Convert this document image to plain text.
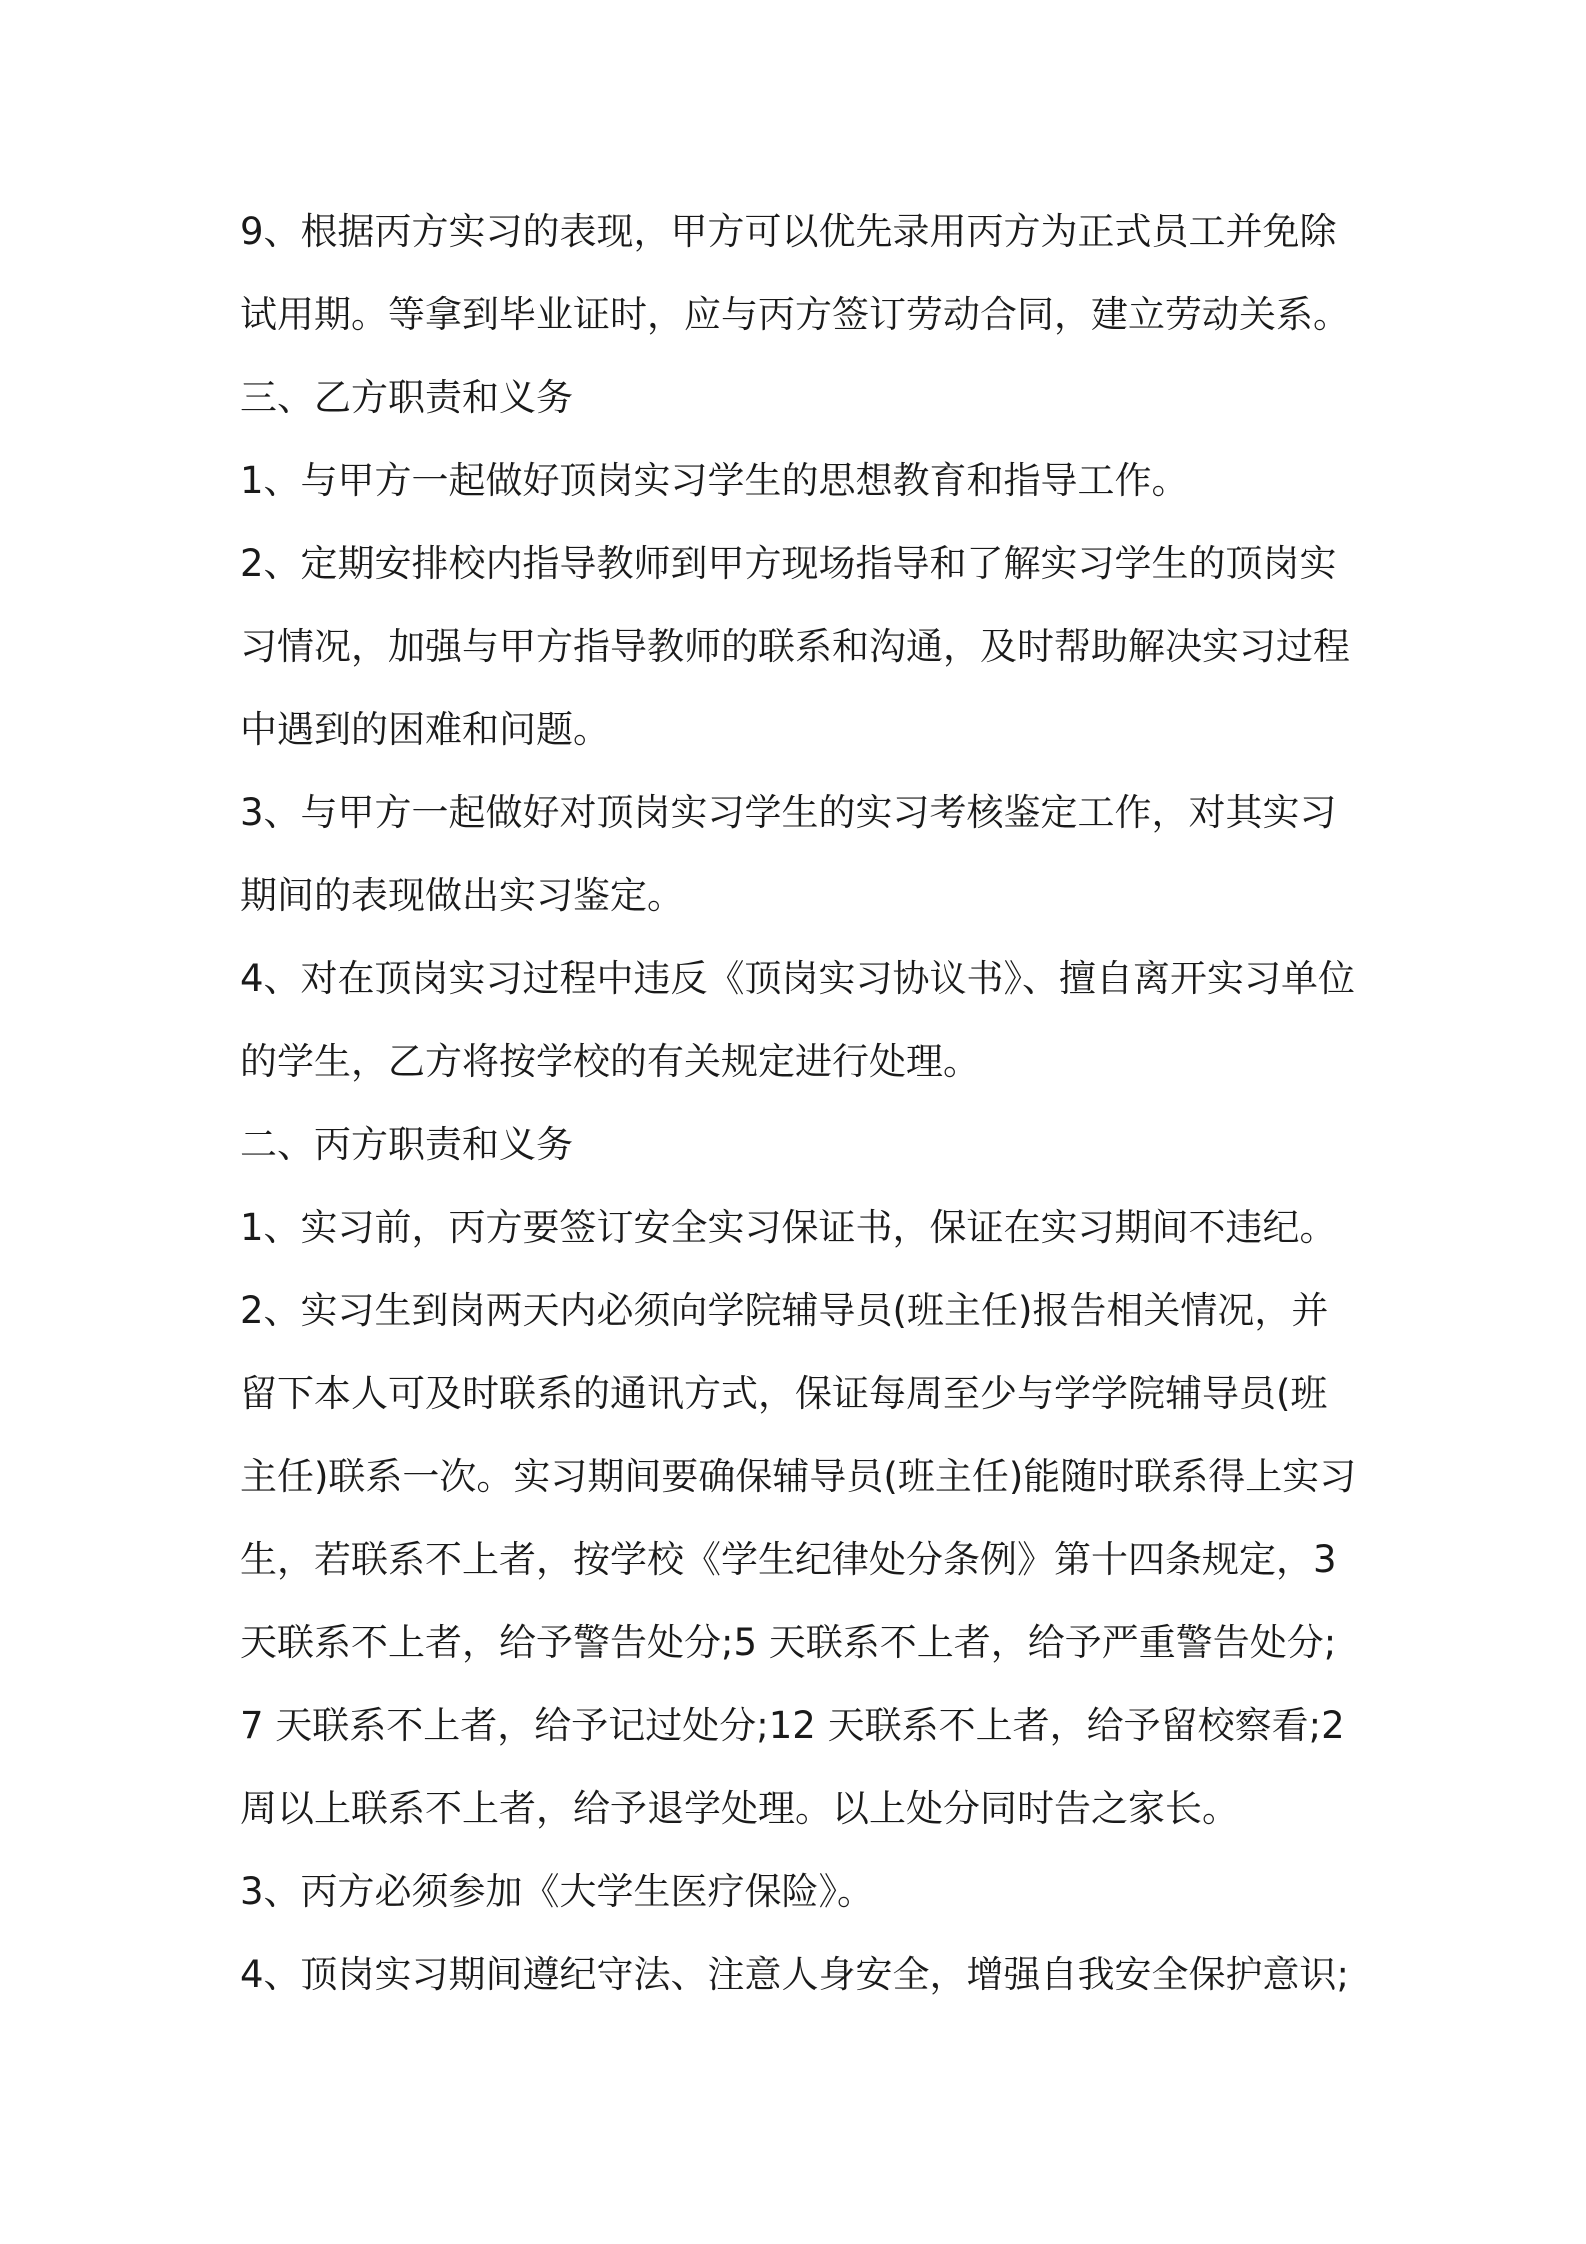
9、根据丙方实习的表现，甲方可以优先录用丙方为正式员工并免除
试用期。等拿到毕业证时，应与丙方签订劳动合同，建立劳动关系。
三、乙方职责和义务
1、与甲方一起做好顶岗实习学生的思想教育和指导工作。
2、定期安排校内指导教师到甲方现场指导和了解实习学生的顶岗实
习情况，加强与甲方指导教师的联系和沟通，及时帮助解决实习过程
中遇到的困难和问题。
3、与甲方一起做好对顶岗实习学生的实习考核鉴定工作，对其实习
期间的表现做出实习鉴定。
4、对在顶岗实习过程中违反《顶岗实习协议书》、擅自离开实习单位
的学生，乙方将按学校的有关规定进行处理。
二、丙方职责和义务
1、实习前，丙方要签订安全实习保证书，保证在实习期间不违纪。
2、实习生到岗两天内必须向学院辅导员(班主任)报告相关情况，并
留下本人可及时联系的通讯方式，保证每周至少与学学院辅导员(班
主任)联系一次。实习期间要确保辅导员(班主任)能随时联系得上实习
生，若联系不上者，按学校《学生纪律处分条例》第十四条规定，3
天联系不上者，给予警告处分;5 天联系不上者，给予严重警告处分;
7 天联系不上者，给予记过处分;12 天联系不上者，给予留校察看;2
周以上联系不上者，给予退学处理。以上处分同时告之家长。
3、丙方必须参加《大学生医疗保险》。
4、顶岗实习期间遵纪守法、注意人身安全，增强自我安全保护意识;
